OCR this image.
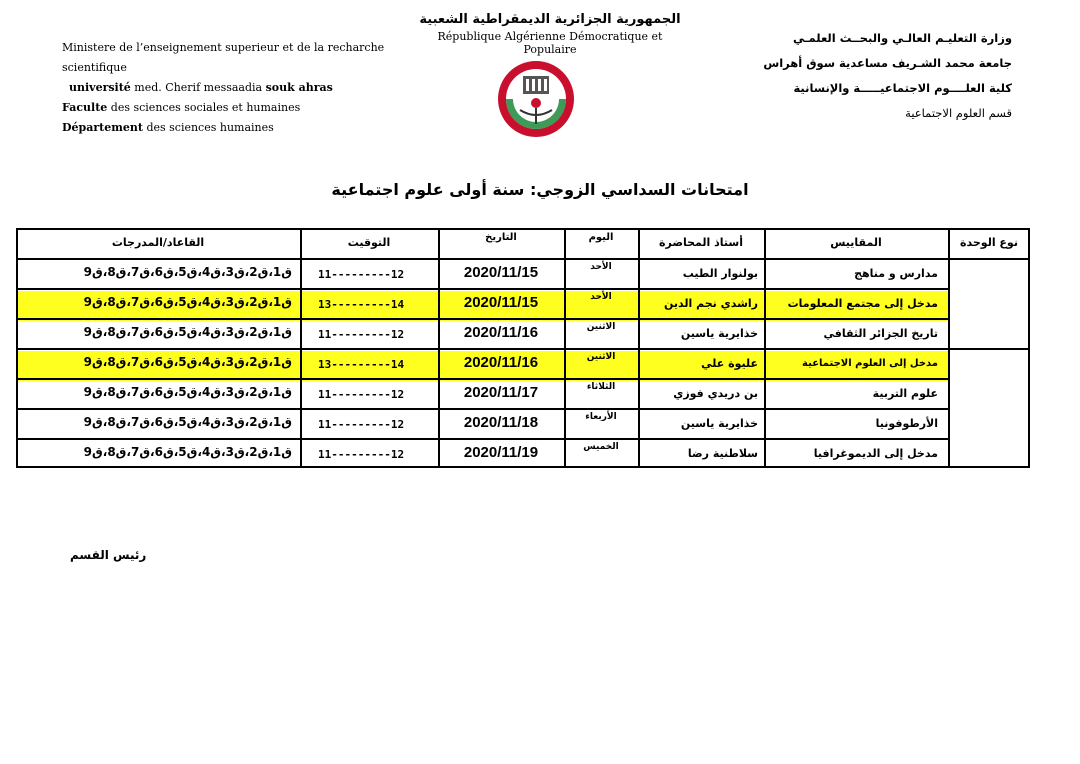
الجمهورية الجزائرية الديمقراطية الشعبية
République Algérienne Démocratique et Populaire
Ministere de l’enseignement superieur et de la recharche scientifique
université med. Cherif messaadia souk ahras
Faculte des sciences sociales et humaines
Département des sciences humaines
وزارة التعليـم العالـي والبحــث العلمـي
جامعة محمد الشـريف مساعدية سوق أهراس
كلية العلــــوم الاجتماعيـــــة والإنسانية
قسم العلوم الاجتماعية
امتحانات السداسي الزوجي: سنة أولى علوم اجتماعية
نوع الوحدة
المقاييس
أستاذ المحاضرة
اليوم
التاريخ
التوقيت
القاعاد/المدرجات
مدارس و مناهج
بولنوار الطيب
الأحد
2020/11/15
11---------12
ق1،ق2،ق3،ق4،ق5،ق6،ق7،ق8،ق9
مدخل إلى مجتمع المعلومات
راشدي نجم الدين
الأحد
2020/11/15
13---------14
ق1،ق2،ق3،ق4،ق5،ق6،ق7،ق8،ق9
تاريخ الجزائر الثقافي
خذايرية ياسين
الاثنين
2020/11/16
11---------12
ق1،ق2،ق3،ق4،ق5،ق6،ق7،ق8،ق9
مدخل إلى العلوم الاجتماعية
عليوة علي
الاثنين
2020/11/16
13---------14
ق1،ق2،ق3،ق4،ق5،ق6،ق7،ق8،ق9
علوم التربية
بن دريدي فوزي
الثلاثاء
2020/11/17
11---------12
ق1،ق2،ق3،ق4،ق5،ق6،ق7،ق8،ق9
الأرطوفونيا
خذايرية ياسين
الأربعاء
2020/11/18
11---------12
ق1،ق2،ق3،ق4،ق5،ق6،ق7،ق8،ق9
مدخل إلى الديموغرافيا
سلاطنية رضا
الخميس
2020/11/19
11---------12
ق1،ق2،ق3،ق4،ق5،ق6،ق7،ق8،ق9
رئيس القسم
